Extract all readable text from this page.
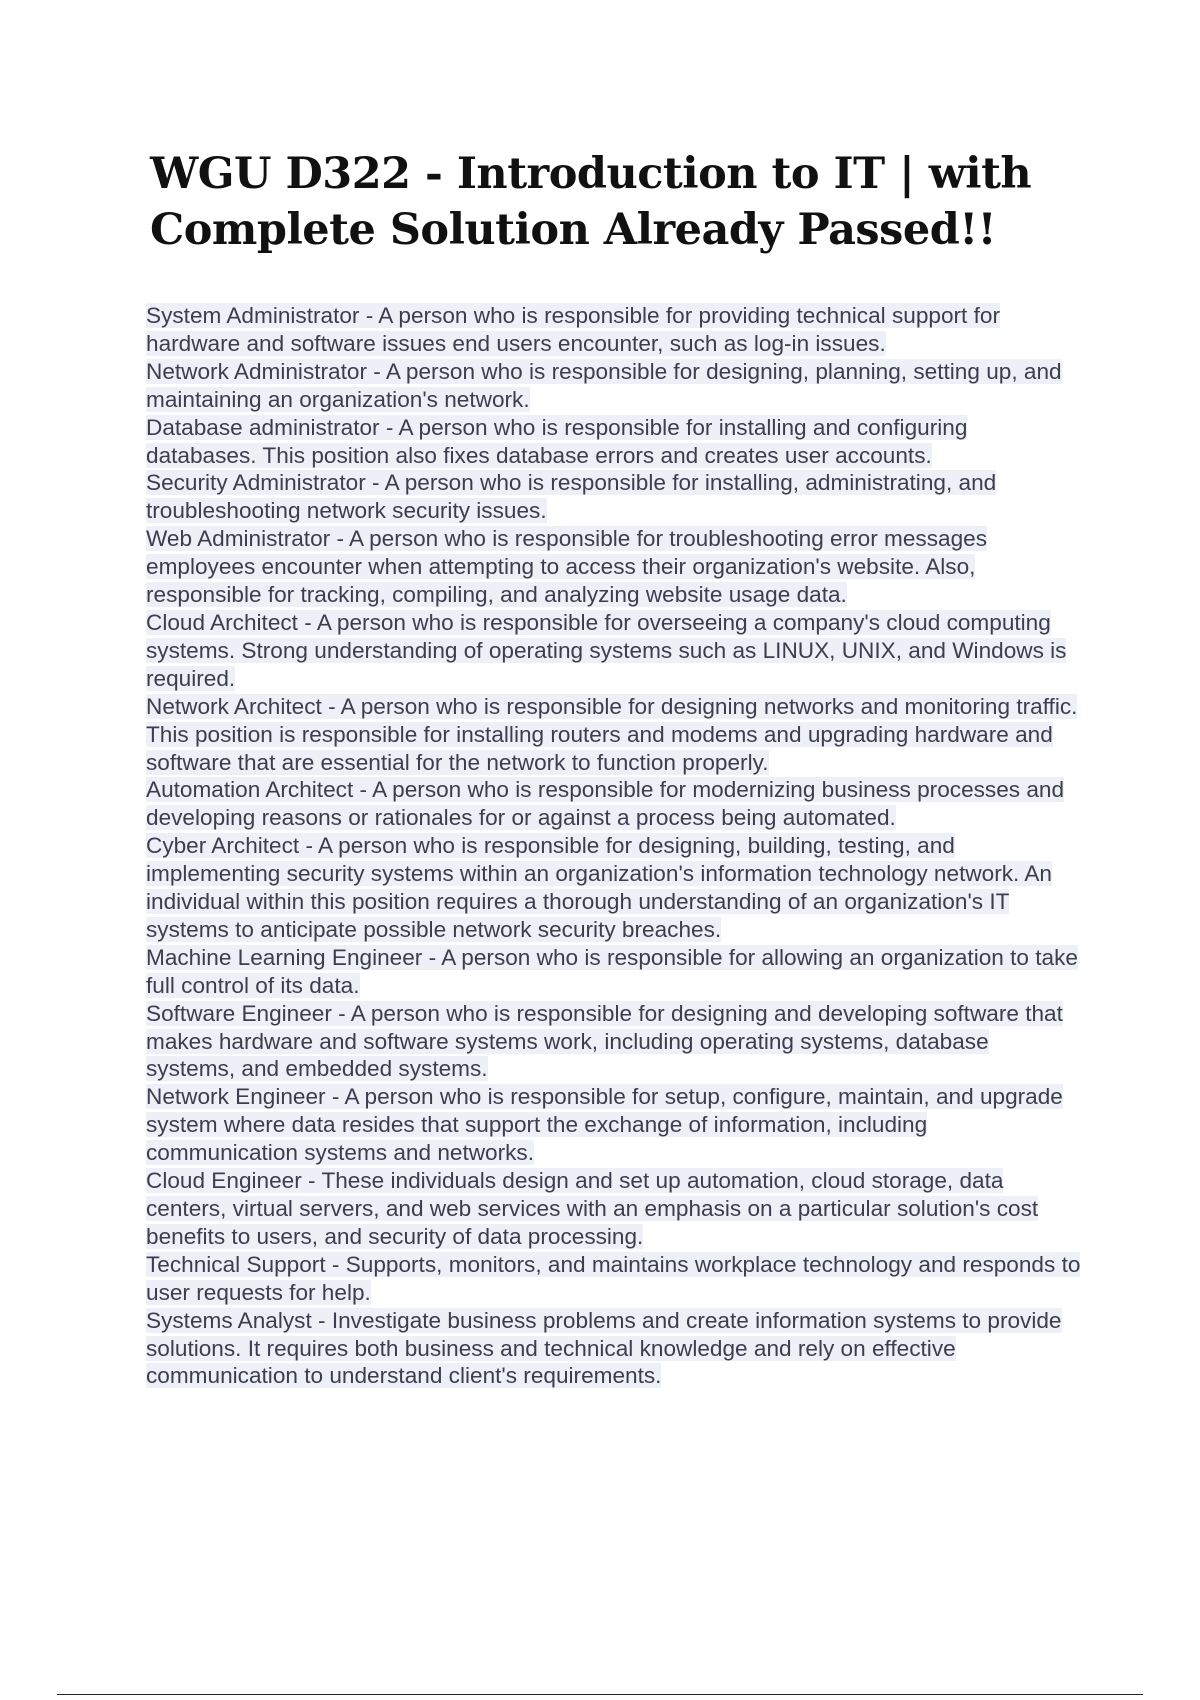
WGU D322 - Introduction to IT | with Complete Solution Already Passed!!

System Administrator - A person who is responsible for providing technical support for hardware and software issues end users encounter, such as log-in issues.

Network Administrator - A person who is responsible for designing, planning, setting up, and maintaining an organization's network.

Database administrator - A person who is responsible for installing and configuring databases. This position also fixes database errors and creates user accounts.

Security Administrator - A person who is responsible for installing, administrating, and troubleshooting network security issues.

Web Administrator - A person who is responsible for troubleshooting error messages employees encounter when attempting to access their organization's website. Also, responsible for tracking, compiling, and analyzing website usage data.

Cloud Architect - A person who is responsible for overseeing a company's cloud computing systems. Strong understanding of operating systems such as LINUX, UNIX, and Windows is required.

Network Architect - A person who is responsible for designing networks and monitoring traffic. This position is responsible for installing routers and modems and upgrading hardware and software that are essential for the network to function properly.

Automation Architect - A person who is responsible for modernizing business processes and developing reasons or rationales for or against a process being automated.

Cyber Architect - A person who is responsible for designing, building, testing, and implementing security systems within an organization's information technology network. An individual within this position requires a thorough understanding of an organization's IT systems to anticipate possible network security breaches.

Machine Learning Engineer - A person who is responsible for allowing an organization to take full control of its data.

Software Engineer - A person who is responsible for designing and developing software that makes hardware and software systems work, including operating systems, database systems, and embedded systems.

Network Engineer - A person who is responsible for setup, configure, maintain, and upgrade system where data resides that support the exchange of information, including communication systems and networks.

Cloud Engineer - These individuals design and set up automation, cloud storage, data centers, virtual servers, and web services with an emphasis on a particular solution's cost benefits to users, and security of data processing.

Technical Support - Supports, monitors, and maintains workplace technology and responds to user requests for help.

Systems Analyst - Investigate business problems and create information systems to provide solutions. It requires both business and technical knowledge and rely on effective communication to understand client's requirements.
